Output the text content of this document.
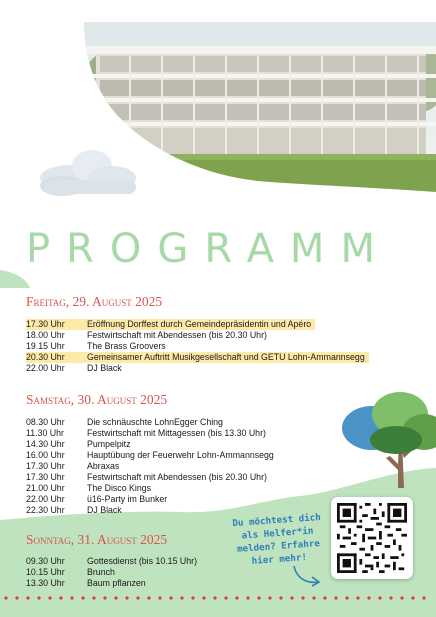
PROGRAMM
Freitag, 29. August 2025
17.30 Uhr	Eröffnung Dorffest durch Gemeindepräsidentin und Apéro
18.00 Uhr	Festwirtschaft mit Abendessen (bis 20.30 Uhr)
19.15 Uhr	The Brass Groovers
20.30 Uhr	Gemeinsamer Auftritt Musikgesellschaft und GETU Lohn-Ammannsegg
22.00 Uhr	DJ Black
Samstag, 30. August 2025
08.30 Uhr	Die schnäuschte LohnEgger Ching
11.30 Uhr	Festwirtschaft mit Mittagessen (bis 13.30 Uhr)
14.30 Uhr	Pumpelpitz
16.00 Uhr	Hauptübung der Feuerwehr Lohn-Ammannsegg
17.30 Uhr	Abraxas
17.30 Uhr	Festwirtschaft mit Abendessen (bis 20.30 Uhr)
21.00 Uhr	The Disco Kings
22.00 Uhr	ü16-Party im Bunker
22.30 Uhr	DJ Black
Sonntag, 31. August 2025
09.30 Uhr	Gottesdienst (bis 10.15 Uhr)
10.15 Uhr	Brunch
13.30 Uhr	Baum pflanzen
Du möchtest dich als Helfer*in melden? Erfahre hier mehr!
